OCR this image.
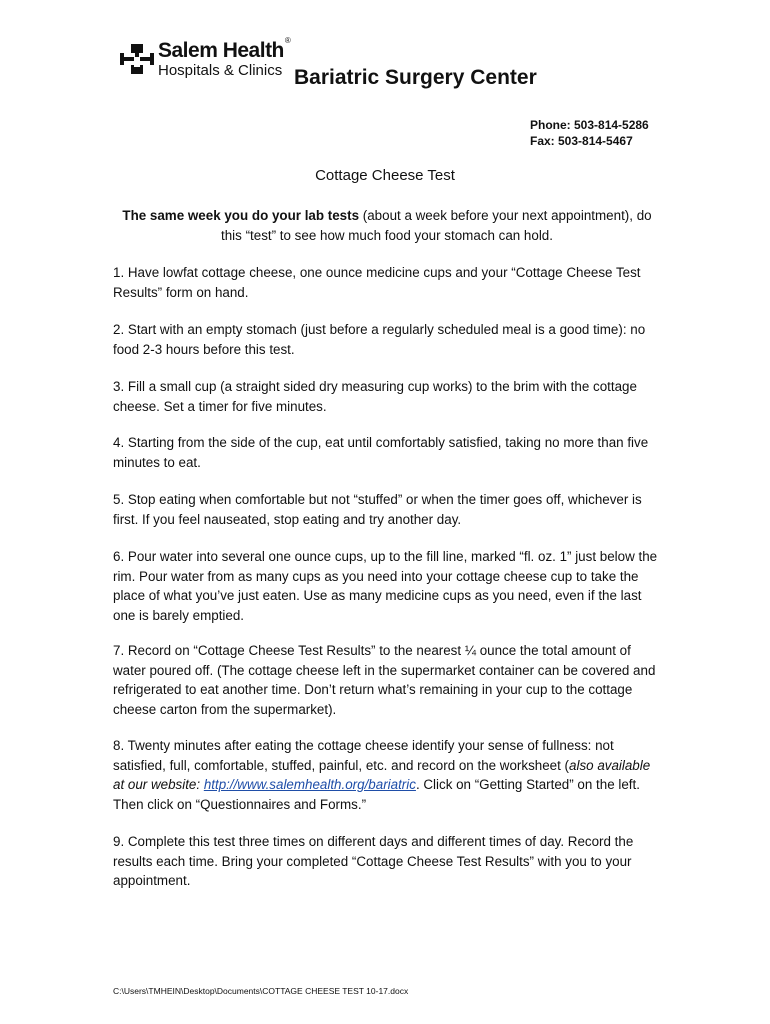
Salem Health®
Hospitals & Clinics Bariatric Surgery Center
Phone: 503-814-5286
Fax: 503-814-5467
Cottage Cheese Test
The same week you do your lab tests (about a week before your next appointment), do
this “test” to see how much food your stomach can hold.
1. Have lowfat cottage cheese, one ounce medicine cups and your “Cottage Cheese Test Results” form on hand.
2. Start with an empty stomach (just before a regularly scheduled meal is a good time): no food 2-3 hours before this test.
3. Fill a small cup (a straight sided dry measuring cup works) to the brim with the cottage cheese. Set a timer for five minutes.
4. Starting from the side of the cup, eat until comfortably satisfied, taking no more than five minutes to eat.
5. Stop eating when comfortable but not “stuffed” or when the timer goes off, whichever is first. If you feel nauseated, stop eating and try another day.
6. Pour water into several one ounce cups, up to the fill line, marked “fl. oz. 1” just below the rim. Pour water from as many cups as you need into your cottage cheese cup to take the place of what you’ve just eaten. Use as many medicine cups as you need, even if the last one is barely emptied.
7. Record on “Cottage Cheese Test Results” to the nearest ¼ ounce the total amount of water poured off. (The cottage cheese left in the supermarket container can be covered and refrigerated to eat another time. Don’t return what’s remaining in your cup to the cottage cheese carton from the supermarket).
8. Twenty minutes after eating the cottage cheese identify your sense of fullness: not satisfied, full, comfortable, stuffed, painful, etc. and record on the worksheet (also available at our website: http://www.salemhealth.org/bariatric. Click on “Getting Started” on the left. Then click on “Questionnaires and Forms.”
9. Complete this test three times on different days and different times of day. Record the results each time. Bring your completed “Cottage Cheese Test Results” with you to your appointment.
C:\Users\TMHEIN\Desktop\Documents\COTTAGE CHEESE TEST 10-17.docx
